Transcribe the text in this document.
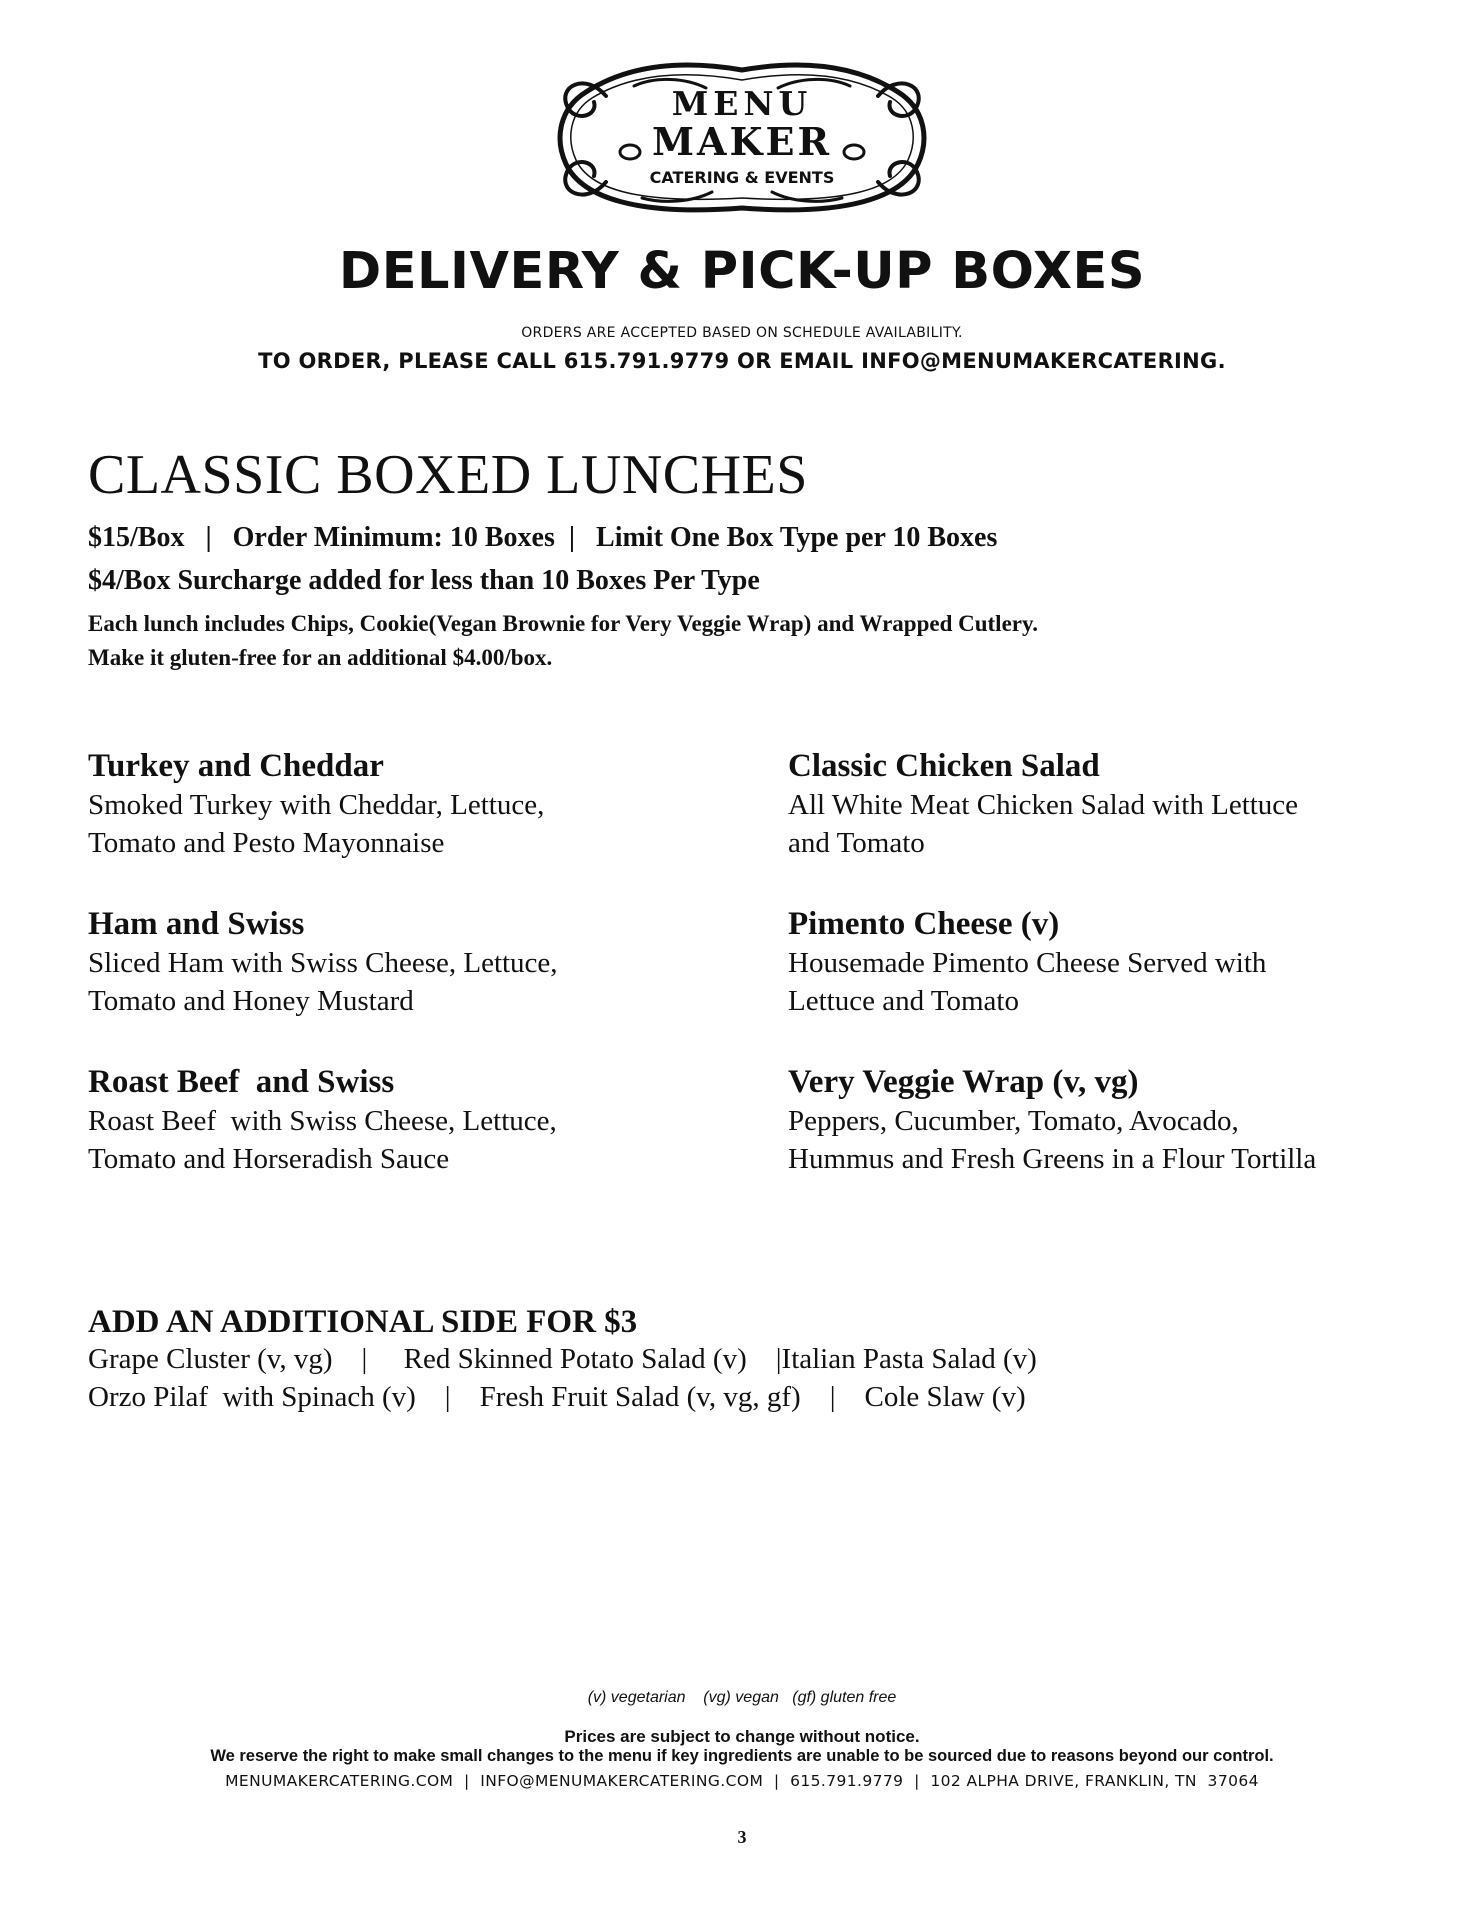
MENU
MAKER
CATERING & EVENTS
DELIVERY & PICK-UP BOXES
ORDERS ARE ACCEPTED BASED ON SCHEDULE AVAILABILITY.
TO ORDER, PLEASE CALL 615.791.9779 OR EMAIL INFO@MENUMAKERCATERING.
CLASSIC BOXED LUNCHES
$15/Box   |   Order Minimum: 10 Boxes  |   Limit One Box Type per 10 Boxes
$4/Box Surcharge added for less than 10 Boxes Per Type
Each lunch includes Chips, Cookie(Vegan Brownie for Very Veggie Wrap) and Wrapped Cutlery.
Make it gluten-free for an additional $4.00/box.
Turkey and Cheddar
Smoked Turkey with Cheddar, Lettuce,
Tomato and Pesto Mayonnaise
Classic Chicken Salad
All White Meat Chicken Salad with Lettuce
and Tomato
Ham and Swiss
Sliced Ham with Swiss Cheese, Lettuce,
Tomato and Honey Mustard
Pimento Cheese (v)
Housemade Pimento Cheese Served with
Lettuce and Tomato
Roast Beef  and Swiss
Roast Beef  with Swiss Cheese, Lettuce,
Tomato and Horseradish Sauce
Very Veggie Wrap (v, vg)
Peppers, Cucumber, Tomato, Avocado,
Hummus and Fresh Greens in a Flour Tortilla
ADD AN ADDITIONAL SIDE FOR $3
Grape Cluster (v, vg)    |     Red Skinned Potato Salad (v)    |Italian Pasta Salad (v)
Orzo Pilaf  with Spinach (v)    |    Fresh Fruit Salad (v, vg, gf)    |    Cole Slaw (v)
(v) vegetarian    (vg) vegan   (gf) gluten free
Prices are subject to change without notice.
We reserve the right to make small changes to the menu if key ingredients are unable to be sourced due to reasons beyond our control.
MENUMAKERCATERING.COM  |  INFO@MENUMAKERCATERING.COM  |  615.791.9779  |  102 ALPHA DRIVE, FRANKLIN, TN  37064
3
